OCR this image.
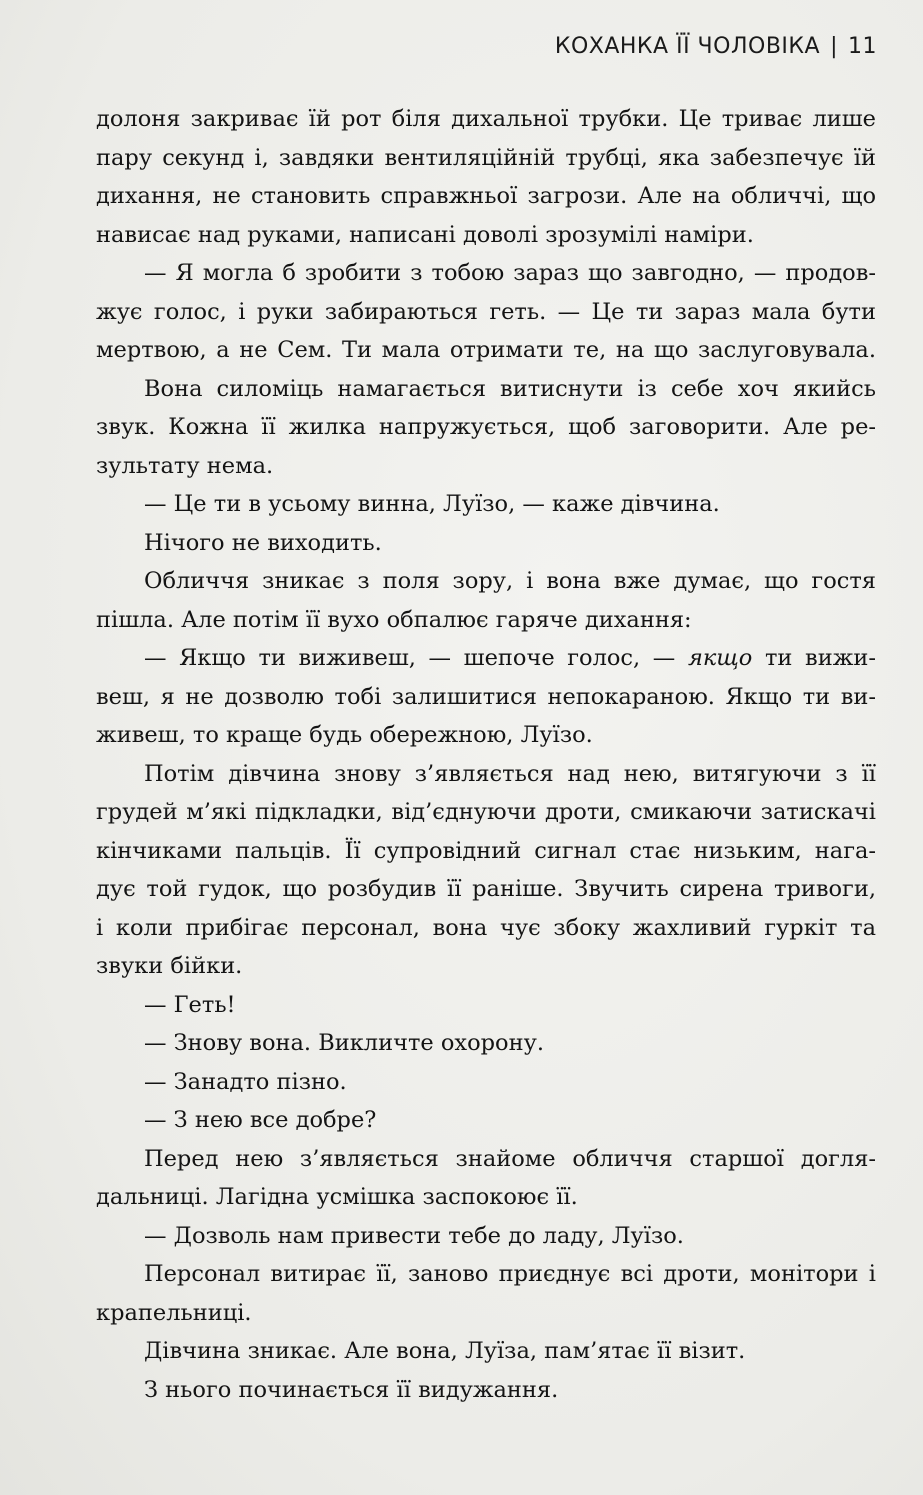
КОХАНКА ЇЇ ЧОЛОВІКА | 11
долоня закриває їй рот біля дихальної трубки. Це триває лише
пару секунд і, завдяки вентиляційній трубці, яка забезпечує їй
дихання, не становить справжньої загрози. Але на обличчі, що
нависає над руками, написані доволі зрозумілі наміри.
— Я могла б зробити з тобою зараз що завгодно, — продов-
жує голос, і руки забираються геть. — Це ти зараз мала бути
мертвою, а не Сем. Ти мала отримати те, на що заслуговувала.
Вона силоміць намагається витиснути із себе хоч якийсь
звук. Кожна її жилка напружується, щоб заговорити. Але ре-
зультату нема.
— Це ти в усьому винна, Луїзо, — каже дівчина.
Нічого не виходить.
Обличчя зникає з поля зору, і вона вже думає, що гостя
пішла. Але потім її вухо обпалює гаряче дихання:
— Якщо ти виживеш, — шепоче голос, — якщо ти вижи-
веш, я не дозволю тобі залишитися непокараною. Якщо ти ви-
живеш, то краще будь обережною, Луїзо.
Потім дівчина знову з’являється над нею, витягуючи з її
грудей м’які підкладки, від’єднуючи дроти, смикаючи затискачі
кінчиками пальців. Її супровідний сигнал стає низьким, нага-
дує той гудок, що розбудив її раніше. Звучить сирена тривоги,
і коли прибігає персонал, вона чує збоку жахливий гуркіт та
звуки бійки.
— Геть!
— Знову вона. Викличте охорону.
— Занадто пізно.
— З нею все добре?
Перед нею з’являється знайоме обличчя старшої догля-
дальниці. Лагідна усмішка заспокоює її.
— Дозволь нам привести тебе до ладу, Луїзо.
Персонал витирає її, заново приєднує всі дроти, монітори і
крапельниці.
Дівчина зникає. Але вона, Луїза, пам’ятає її візит.
З нього починається її видужання.
